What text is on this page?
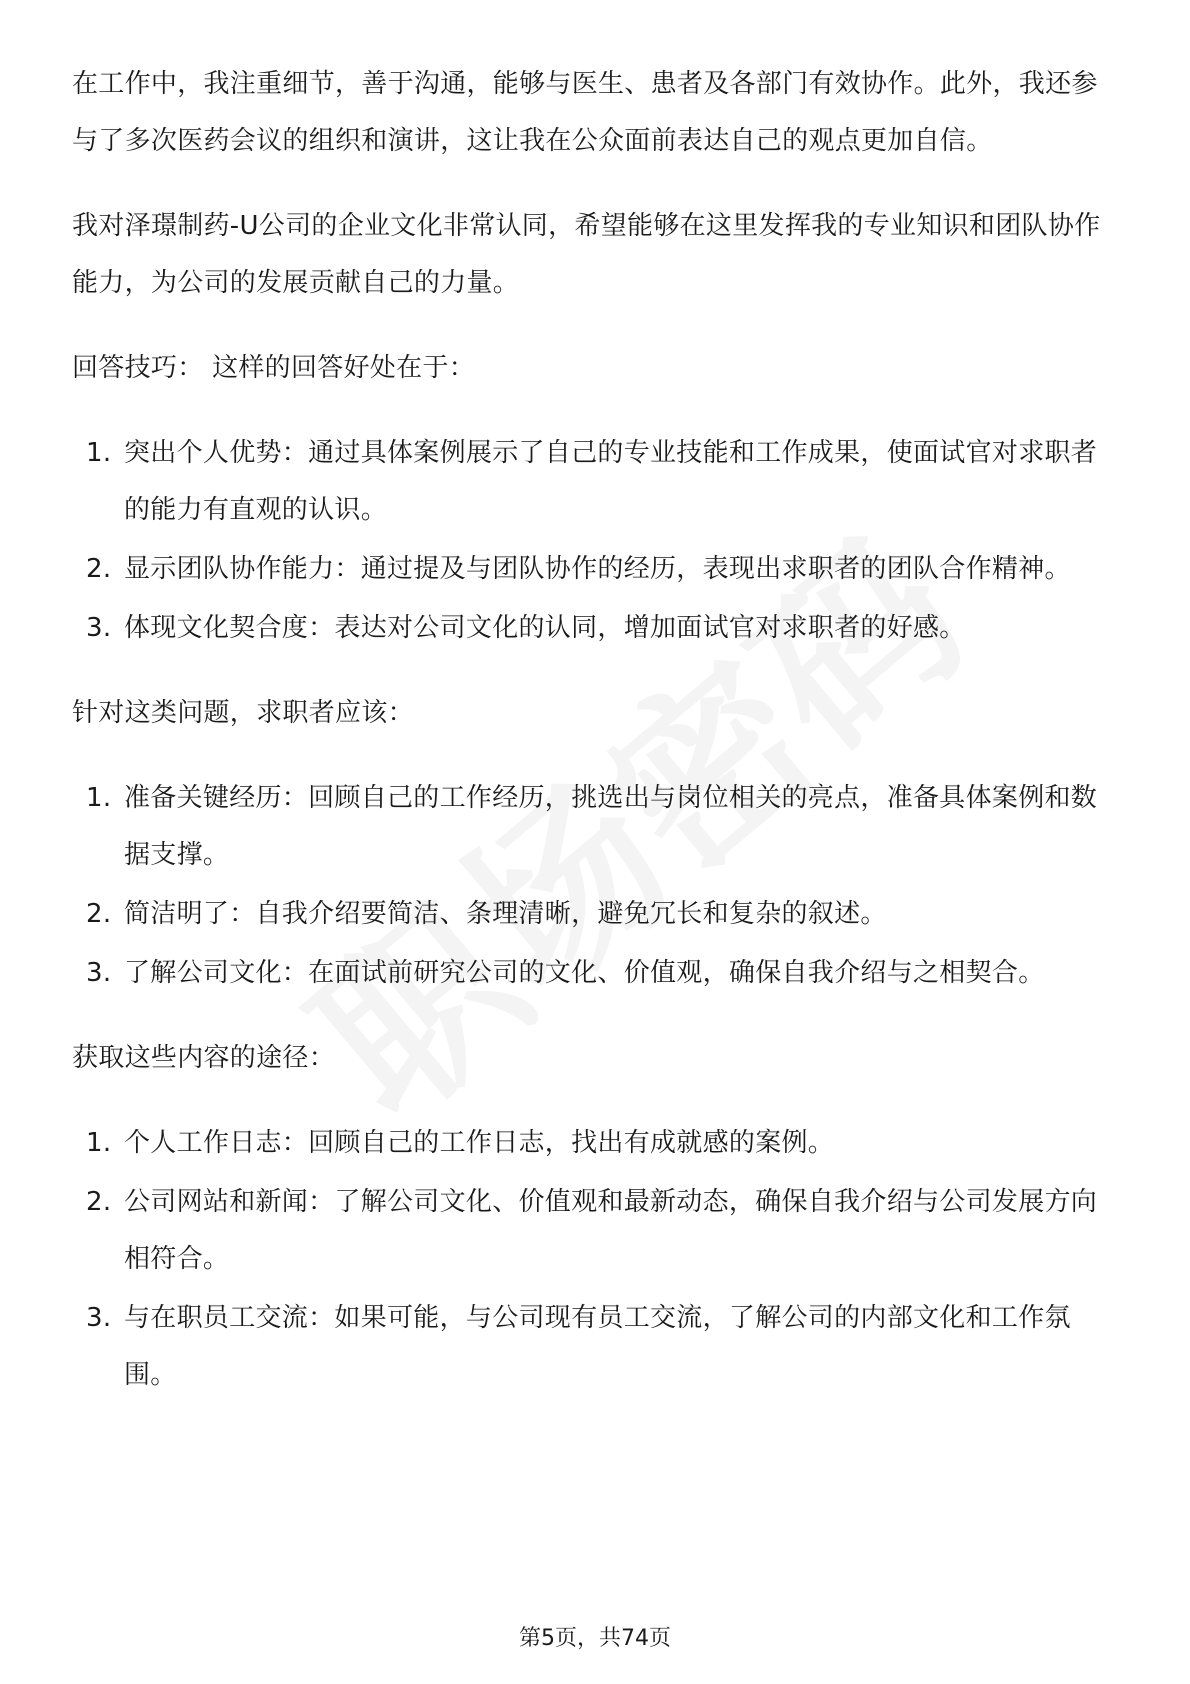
在工作中，我注重细节，善于沟通，能够与医生、患者及各部门有效协作。此外，我还参与了多次医药会议的组织和演讲，这让我在公众面前表达自己的观点更加自信。

我对泽璟制药-U公司的企业文化非常认同，希望能够在这里发挥我的专业知识和团队协作能力，为公司的发展贡献自己的力量。

回答技巧： 这样的回答好处在于：

1. 突出个人优势：通过具体案例展示了自己的专业技能和工作成果，使面试官对求职者的能力有直观的认识。
2. 显示团队协作能力：通过提及与团队协作的经历，表现出求职者的团队合作精神。
3. 体现文化契合度：表达对公司文化的认同，增加面试官对求职者的好感。

针对这类问题，求职者应该：

1. 准备关键经历：回顾自己的工作经历，挑选出与岗位相关的亮点，准备具体案例和数据支撑。
2. 简洁明了：自我介绍要简洁、条理清晰，避免冗长和复杂的叙述。
3. 了解公司文化：在面试前研究公司的文化、价值观，确保自我介绍与之相契合。

获取这些内容的途径：

1. 个人工作日志：回顾自己的工作日志，找出有成就感的案例。
2. 公司网站和新闻：了解公司文化、价值观和最新动态，确保自我介绍与公司发展方向相符合。
3. 与在职员工交流：如果可能，与公司现有员工交流，了解公司的内部文化和工作氛围。
第5页，共74页
